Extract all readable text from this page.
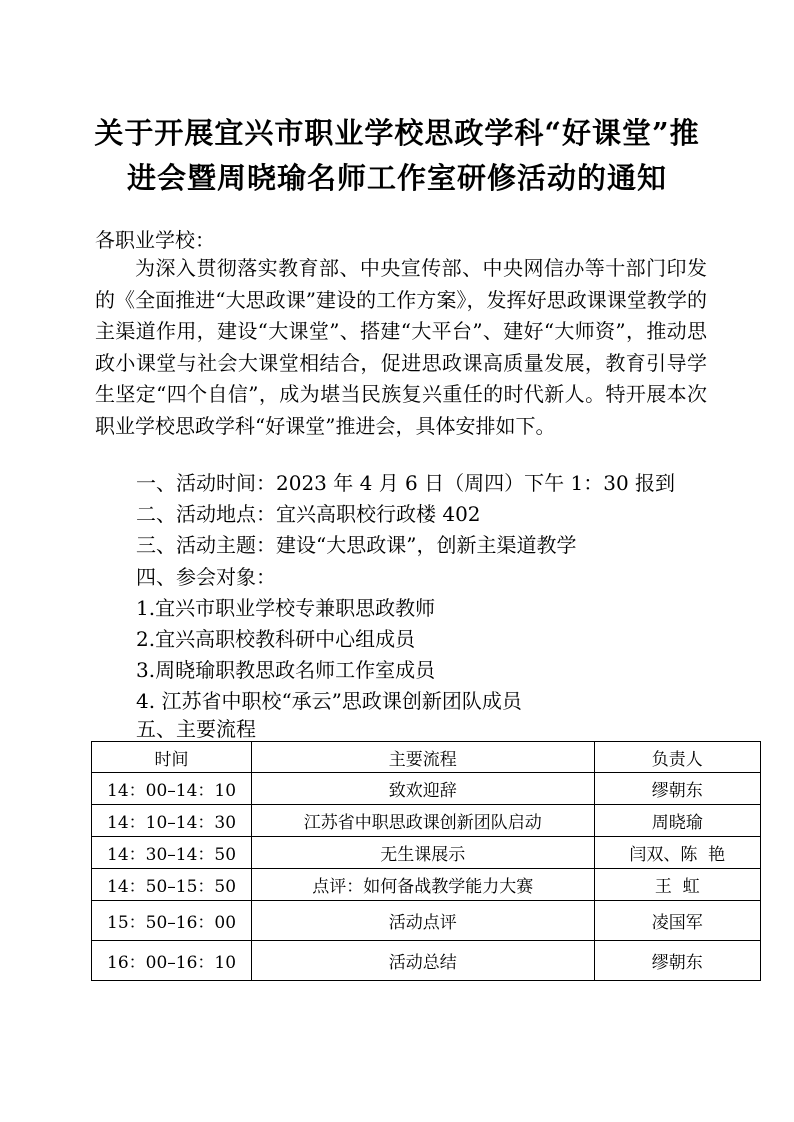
关于开展宜兴市职业学校思政学科“好课堂”推
进会暨周晓瑜名师工作室研修活动的通知
各职业学校：
为深入贯彻落实教育部、中央宣传部、中央网信办等十部门印发的《全面推进“大思政课”建设的工作方案》，发挥好思政课课堂教学的主渠道作用，建设“大课堂”、搭建“大平台”、建好“大师资”，推动思政小课堂与社会大课堂相结合，促进思政课高质量发展，教育引导学生坚定“四个自信”，成为堪当民族复兴重任的时代新人。特开展本次职业学校思政学科“好课堂”推进会，具体安排如下。
一、活动时间：2023 年 4 月 6 日（周四）下午 1：30 报到
二、活动地点：宜兴高职校行政楼 402
三、活动主题：建设“大思政课”，创新主渠道教学
四、参会对象：
1.宜兴市职业学校专兼职思政教师
2.宜兴高职校教科研中心组成员
3.周晓瑜职教思政名师工作室成员
4. 江苏省中职校“承云”思政课创新团队成员
五、主要流程
时间	主要流程	负责人
14：00–14：10	致欢迎辞	缪朝东
14：10–14：30	江苏省中职思政课创新团队启动	周晓瑜
14：30–14：50	无生课展示	闫双、陈  艳
14：50–15：50	点评：如何备战教学能力大赛	王  虹
15：50–16：00	活动点评	凌国军
16：00–16：10	活动总结	缪朝东
